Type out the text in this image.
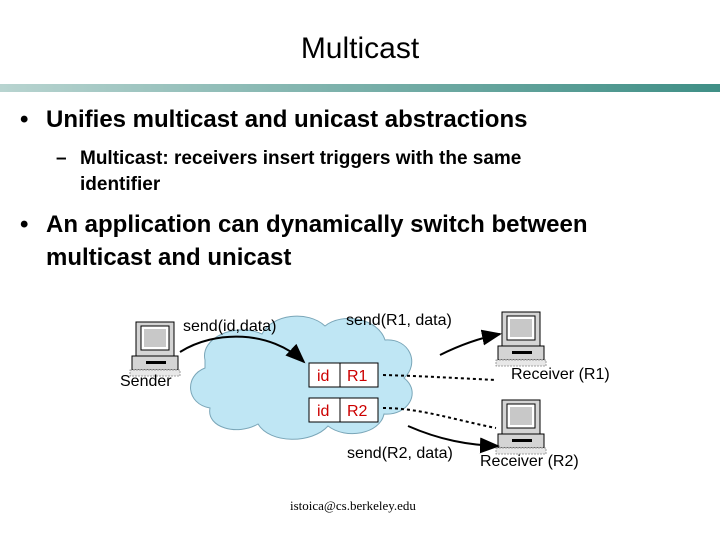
Multicast
• Unifies multicast and unicast abstractions
– Multicast: receivers insert triggers with the same
identifier
• An application can dynamically switch between
multicast and unicast
id R1
id R2
send(id,data)	send(R1, data)
Sender	Receiver (R1)
send(R2, data) Receiver (R2)
istoica@cs.berkeley.edu
